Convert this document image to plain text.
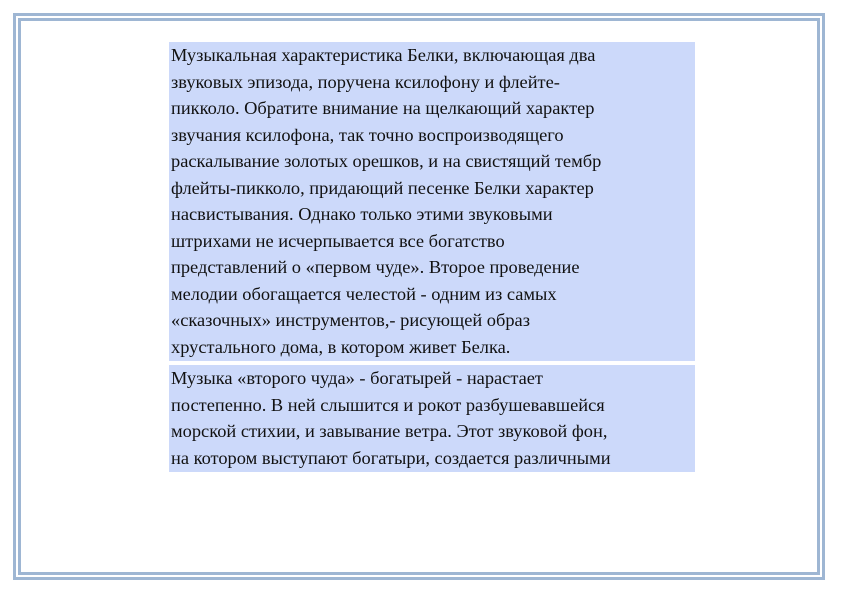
Музыкальная характеристика Белки, включающая два
звуковых эпизода, поручена ксилофону и флейте-
пикколо. Обратите внимание на щелкающий характер
звучания ксилофона, так точно воспроизводящего
раскалывание золотых орешков, и на свистящий тембр
флейты-пикколо, придающий песенке Белки характер
насвистывания. Однако только этими звуковыми
штрихами не исчерпывается все богатство
представлений о «первом чуде». Второе проведение
мелодии обогащается челестой - одним из самых
«сказочных» инструментов,- рисующей образ
хрустального дома, в котором живет Белка.

Музыка «второго чуда» - богатырей - нарастает
постепенно. В ней слышится и рокот разбушевавшейся
морской стихии, и завывание ветра. Этот звуковой фон,
на котором выступают богатыри, создается различными
